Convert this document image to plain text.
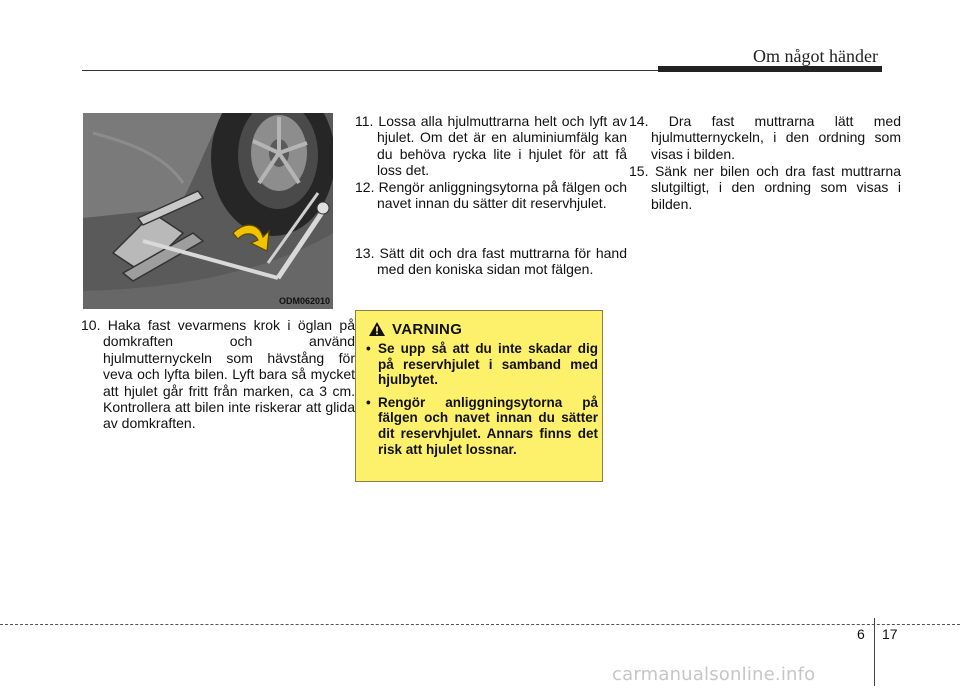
Om något händer
ODM062010

10. Haka fast vevarmens krok i öglan på domkraften och använd hjulmutternyckeln som hävstång för veva och lyfta bilen. Lyft bara så mycket att hjulet går fritt från marken, ca 3 cm. Kontrollera att bilen inte riskerar att glida av domkraften.

11. Lossa alla hjulmuttrarna helt och lyft av hjulet. Om det är en aluminiumfälg kan du behöva rycka lite i hjulet för att få loss det.

12. Rengör anliggningsytorna på fälgen och navet innan du sätter dit reservhjulet.

13. Sätt dit och dra fast muttrarna för hand med den koniska sidan mot fälgen.

VARNING
• Se upp så att du inte skadar dig på reservhjulet i samband med hjulbytet.
• Rengör anliggningsytorna på fälgen och navet innan du sätter dit reservhjulet. Annars finns det risk att hjulet lossnar.

14. Dra fast muttrarna lätt med hjulmutternyckeln, i den ordning som visas i bilden.

15. Sänk ner bilen och dra fast muttrarna slutgiltigt, i den ordning som visas i bilden.

6 17
carmanualsonline.info
